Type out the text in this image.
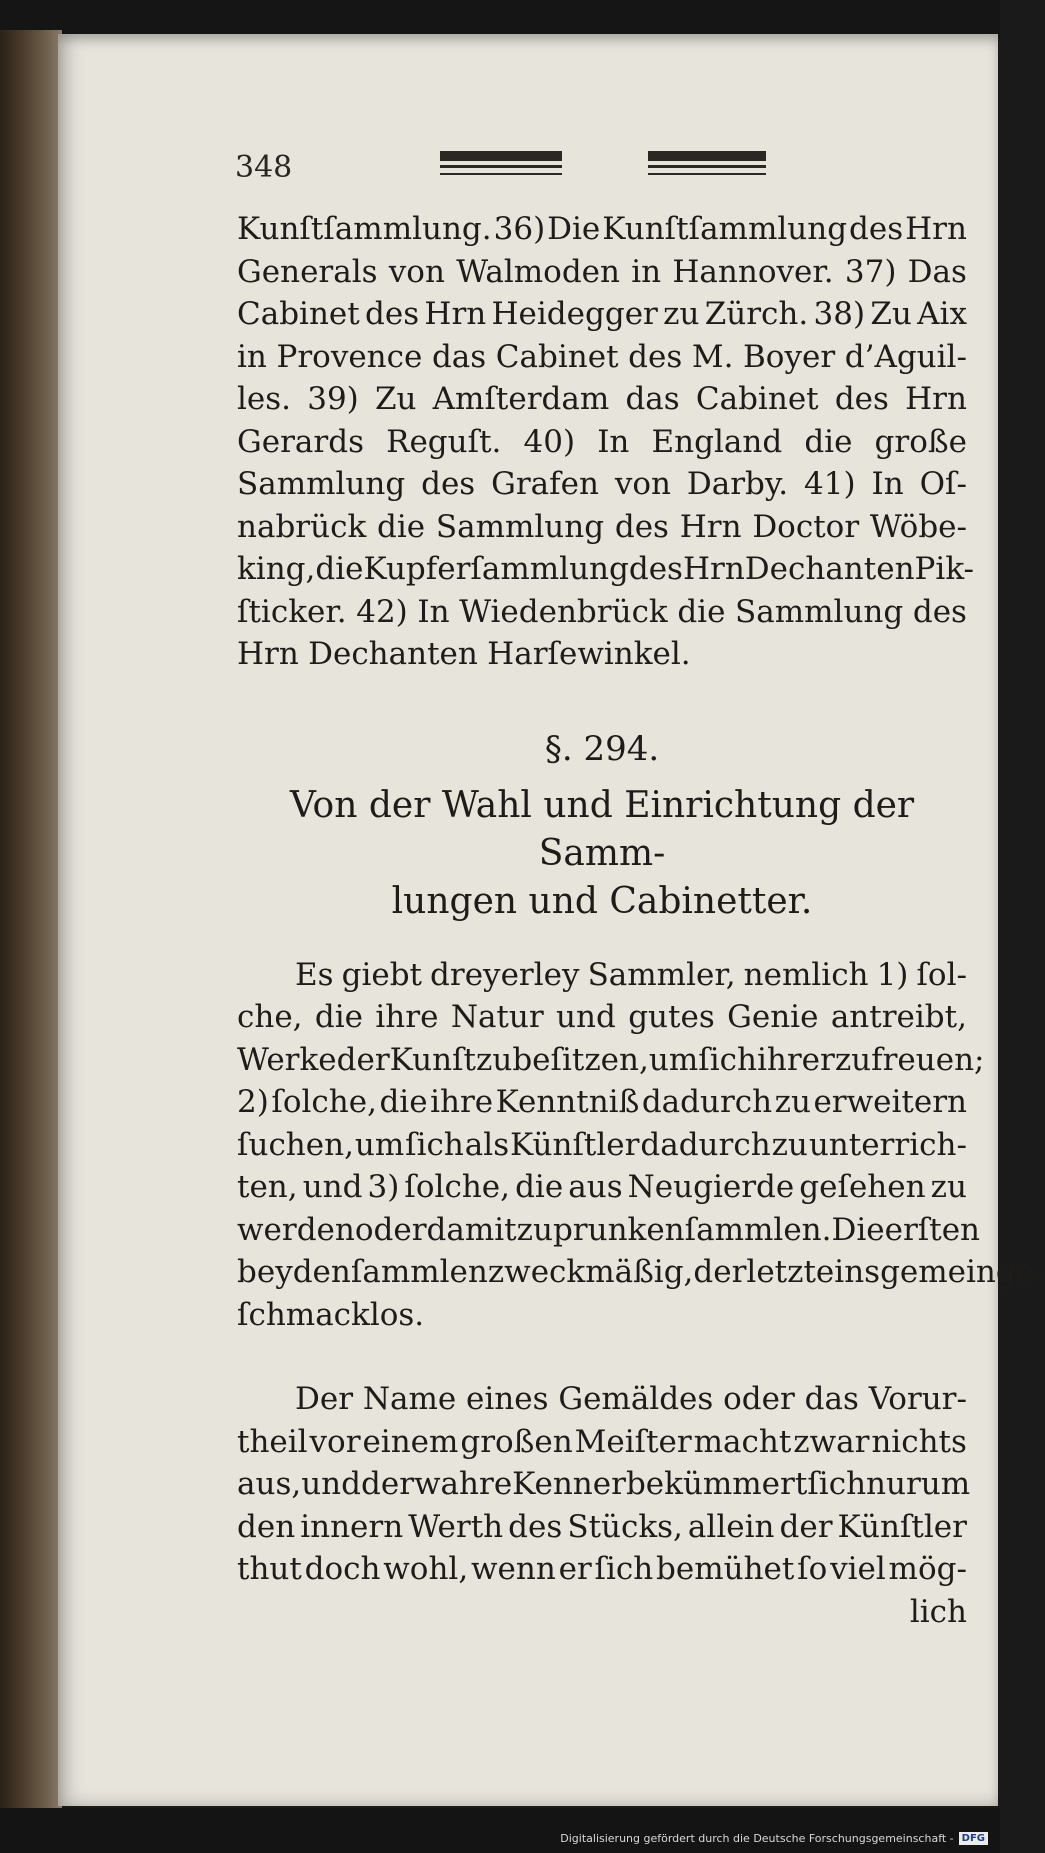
348
Kunſtſammlung. 36) Die Kunſtſammlung des Hrn
Generals von Walmoden in Hannover. 37) Das
Cabinet des Hrn Heidegger zu Zürch. 38) Zu Aix
in Provence das Cabinet des M. Boyer d’Aguil-
les. 39) Zu Amſterdam das Cabinet des Hrn
Gerards Reguſt. 40) In England die große
Sammlung des Grafen von Darby. 41) In Oſ-
nabrück die Sammlung des Hrn Doctor Wöbe-
king, die Kupferſammlung des Hrn Dechanten Pik-
ſticker. 42) In Wiedenbrück die Sammlung des
Hrn Dechanten Harſewinkel.
§. 294.
Von der Wahl und Einrichtung der Samm-
lungen und Cabinetter.
Es giebt dreyerley Sammler, nemlich 1) ſol-
che, die ihre Natur und gutes Genie antreibt,
Werke der Kunſt zu beſitzen, um ſich ihrer zu freuen;
2) ſolche, die ihre Kenntniß dadurch zu erweitern
ſuchen, um ſich als Künſtler dadurch zu unterrich-
ten, und 3) ſolche, die aus Neugierde geſehen zu
werden oder damit zu prunken ſammlen. Die erſten
beyden ſammlen zweckmäßig, der letzte insgemein ge-
ſchmacklos.
Der Name eines Gemäldes oder das Vorur-
theil vor einem großen Meiſter macht zwar nichts
aus, und der wahre Kenner bekümmert ſich nur um
den innern Werth des Stücks, allein der Künſtler
thut doch wohl, wenn er ſich bemühet ſo viel mög-
lich
Digitalisierung gefördert durch die Deutsche Forschungsgemeinschaft - DFG
